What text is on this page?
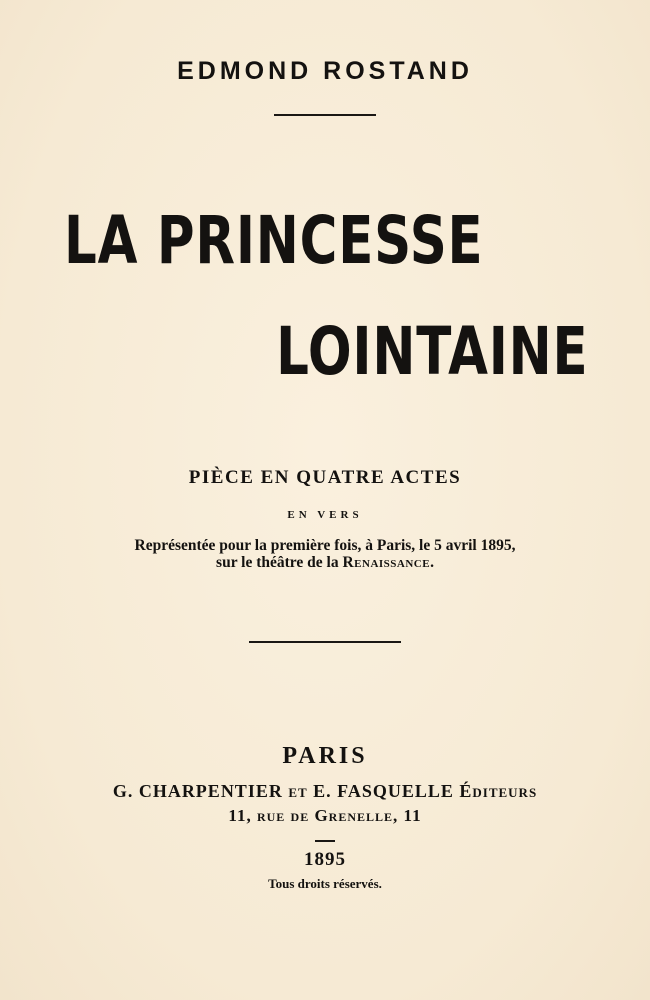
EDMOND ROSTAND
LA PRINCESSE
LOINTAINE
PIÈCE EN QUATRE ACTES
EN VERS
Représentée pour la première fois, à Paris, le 5 avril 1895,
sur le théâtre de la Renaissance.
PARIS
G. CHARPENTIER et E. FASQUELLE Éditeurs
11, rue de Grenelle, 11
1895
Tous droits réservés.
